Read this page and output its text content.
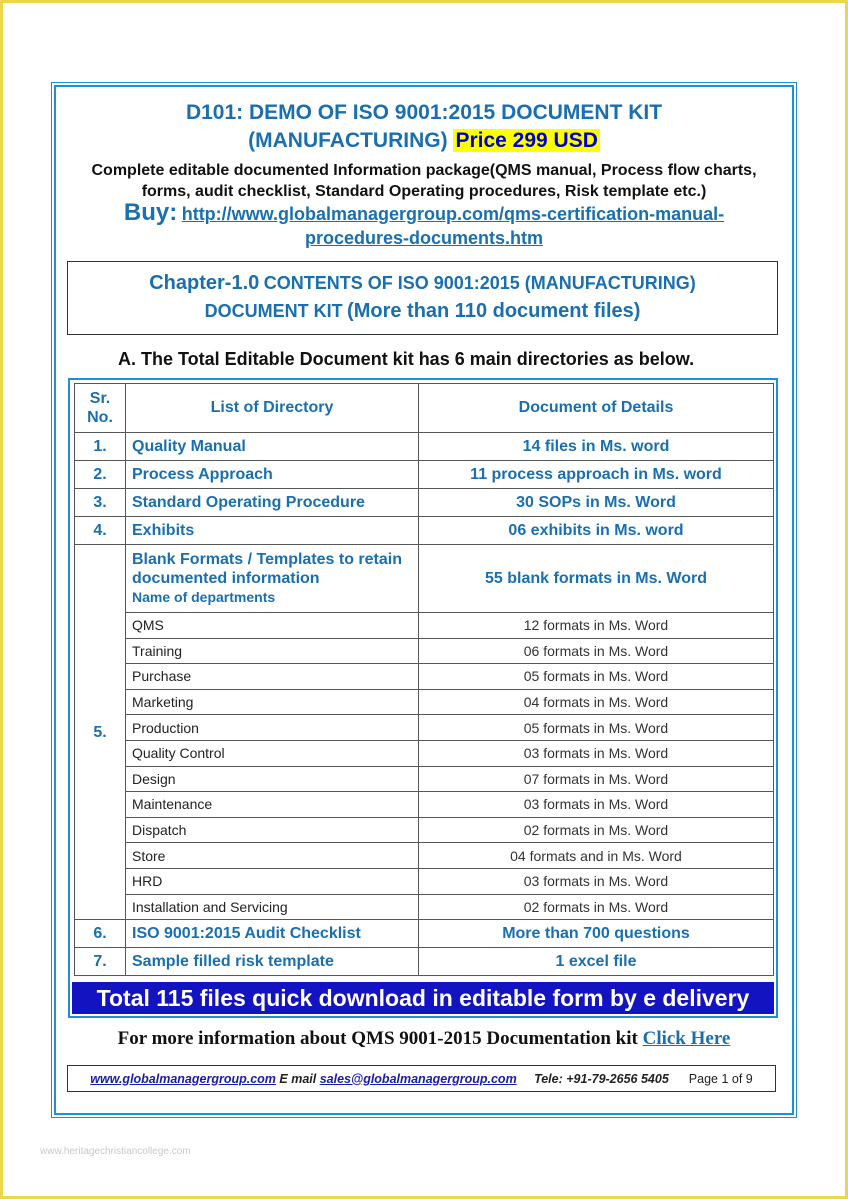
D101: DEMO OF ISO 9001:2015 DOCUMENT KIT
(MANUFACTURING) Price 299 USD
Complete editable documented Information package(QMS manual, Process flow charts,
forms, audit checklist, Standard Operating procedures, Risk template etc.)
Buy: http://www.globalmanagergroup.com/qms-certification-manual-
procedures-documents.htm
Chapter-1.0 CONTENTS OF ISO 9001:2015 (MANUFACTURING)
DOCUMENT KIT (More than 110 document files)
A. The Total Editable Document kit has 6 main directories as below.
Sr. No.	List of Directory	Document of Details
1.	Quality Manual	14 files in Ms. word
2.	Process Approach	11 process approach in Ms. word
3.	Standard Operating Procedure	30 SOPs in Ms. Word
4.	Exhibits	06 exhibits in Ms. word
5.	Blank Formats / Templates to retain documented information
Name of departments	55 blank formats in Ms. Word
	QMS	12 formats in Ms. Word
	Training	06 formats in Ms. Word
	Purchase	05 formats in Ms. Word
	Marketing	04 formats in Ms. Word
	Production	05 formats in Ms. Word
	Quality Control	03 formats in Ms. Word
	Design	07 formats in Ms. Word
	Maintenance	03 formats in Ms. Word
	Dispatch	02 formats in Ms. Word
	Store	04 formats and in Ms. Word
	HRD	03 formats in Ms. Word
	Installation and Servicing	02 formats in Ms. Word
6.	ISO 9001:2015 Audit Checklist	More than 700 questions
7.	Sample filled risk template	1 excel file
Total 115 files quick download in editable form by e delivery
For more information about QMS 9001-2015 Documentation kit Click Here
www.globalmanagergroup.com
E mail
sales@globalmanagergroup.com
Tele: +91-79-2656 5405 Page 1 of 9
www.heritagechristiancollege.com
